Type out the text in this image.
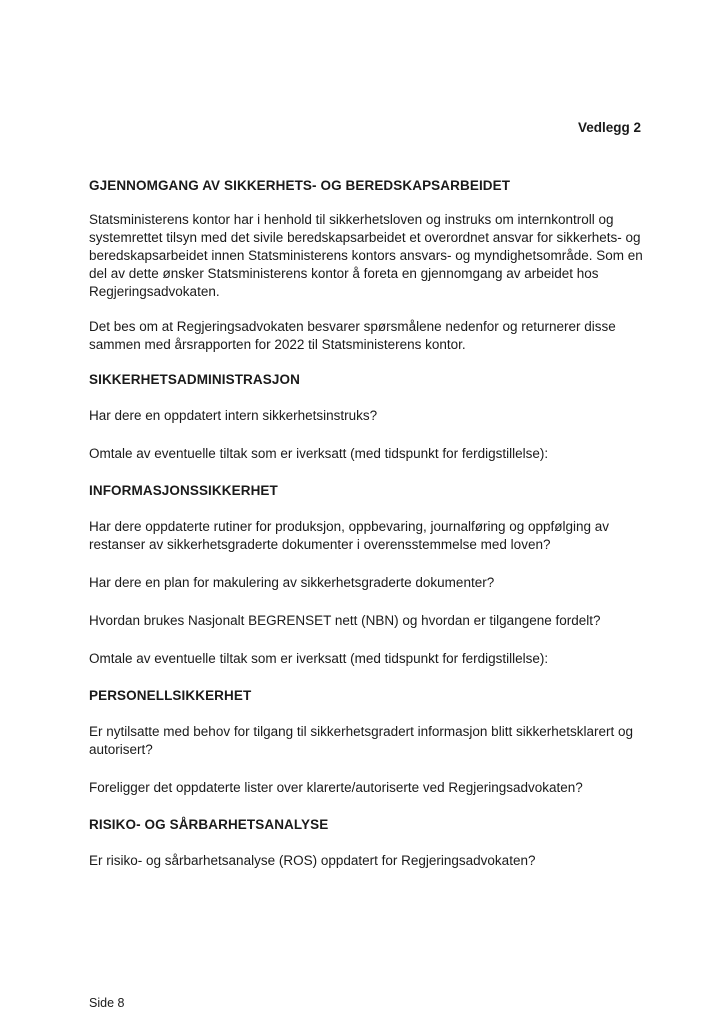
Vedlegg 2

GJENNOMGANG AV SIKKERHETS- OG BEREDSKAPSARBEIDET

Statsministerens kontor har i henhold til sikkerhetsloven og instruks om internkontroll og systemrettet tilsyn med det sivile beredskapsarbeidet et overordnet ansvar for sikkerhets- og beredskapsarbeidet innen Statsministerens kontors ansvars- og myndighetsområde. Som en del av dette ønsker Statsministerens kontor å foreta en gjennomgang av arbeidet hos Regjeringsadvokaten.

Det bes om at Regjeringsadvokaten besvarer spørsmålene nedenfor og returnerer disse sammen med årsrapporten for 2022 til Statsministerens kontor.

SIKKERHETSADMINISTRASJON

Har dere en oppdatert intern sikkerhetsinstruks?

Omtale av eventuelle tiltak som er iverksatt (med tidspunkt for ferdigstillelse):

INFORMASJONSSIKKERHET

Har dere oppdaterte rutiner for produksjon, oppbevaring, journalføring og oppfølging av restanser av sikkerhetsgraderte dokumenter i overensstemmelse med loven?

Har dere en plan for makulering av sikkerhetsgraderte dokumenter?

Hvordan brukes Nasjonalt BEGRENSET nett (NBN) og hvordan er tilgangene fordelt?

Omtale av eventuelle tiltak som er iverksatt (med tidspunkt for ferdigstillelse):

PERSONELLSIKKERHET

Er nytilsatte med behov for tilgang til sikkerhetsgradert informasjon blitt sikkerhetsklarert og autorisert?

Foreligger det oppdaterte lister over klarerte/autoriserte ved Regjeringsadvokaten?

RISIKO- OG SÅRBARHETSANALYSE

Er risiko- og sårbarhetsanalyse (ROS) oppdatert for Regjeringsadvokaten?

Side 8
